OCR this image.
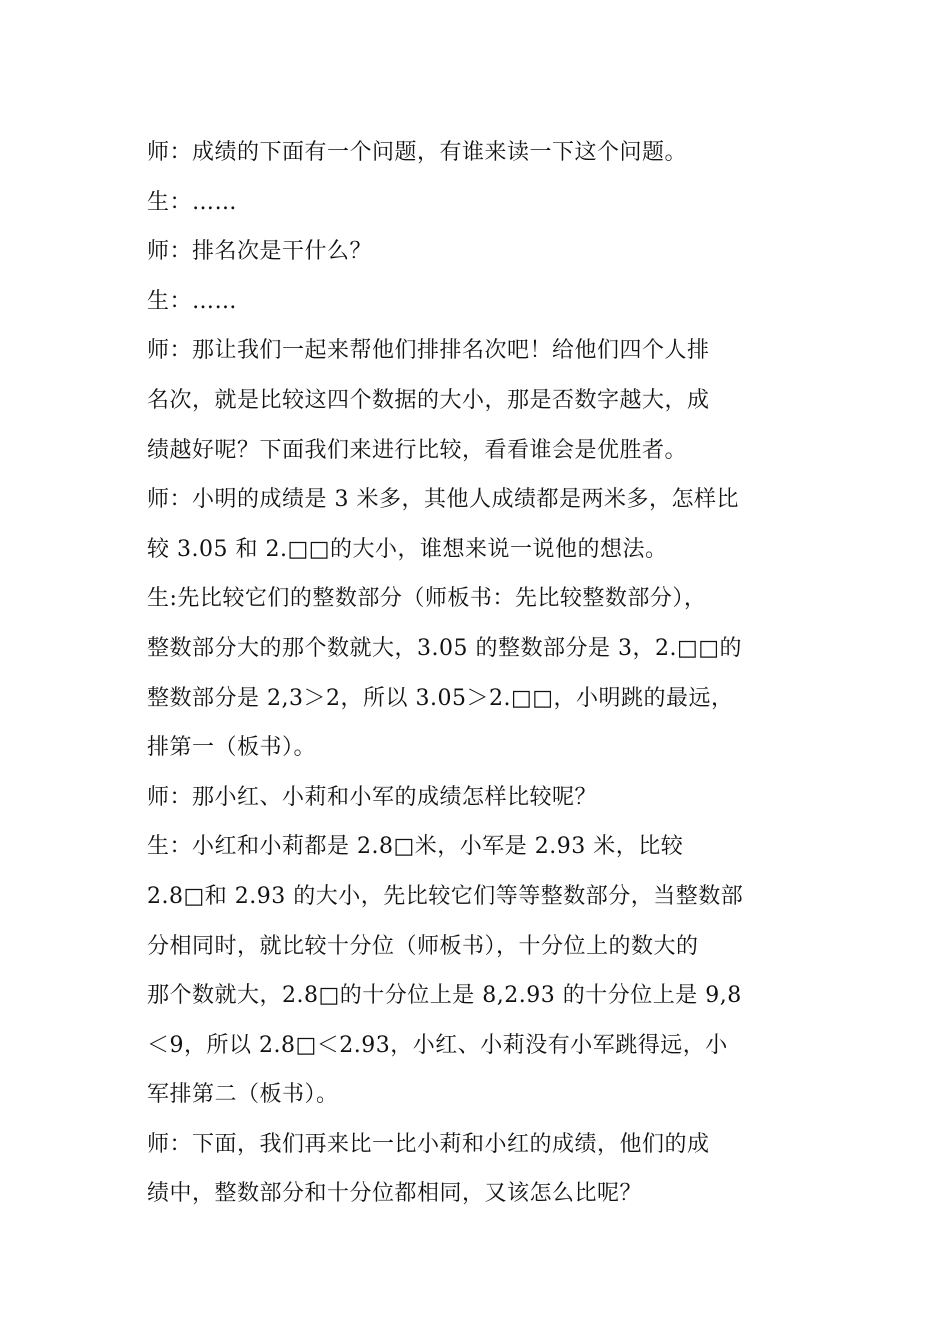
师：成绩的下面有一个问题，有谁来读一下这个问题。
生：……
师：排名次是干什么？
生：……
师：那让我们一起来帮他们排排名次吧！给他们四个人排
名次，就是比较这四个数据的大小，那是否数字越大，成
绩越好呢？下面我们来进行比较，看看谁会是优胜者。
师：小明的成绩是 3 米多，其他人成绩都是两米多，怎样比
较 3.05 和 2.□□的大小，谁想来说一说他的想法。
生:先比较它们的整数部分（师板书：先比较整数部分），
整数部分大的那个数就大，3.05 的整数部分是 3，2.□□的
整数部分是 2,3＞2，所以 3.05＞2.□□，小明跳的最远，
排第一（板书）。
师：那小红、小莉和小军的成绩怎样比较呢？
生：小红和小莉都是 2.8□米，小军是 2.93 米，比较
2.8□和 2.93 的大小，先比较它们等等整数部分，当整数部
分相同时，就比较十分位（师板书），十分位上的数大的
那个数就大，2.8□的十分位上是 8,2.93 的十分位上是 9,8
＜9，所以 2.8□＜2.93，小红、小莉没有小军跳得远，小
军排第二（板书）。
师：下面，我们再来比一比小莉和小红的成绩，他们的成
绩中，整数部分和十分位都相同，又该怎么比呢？
